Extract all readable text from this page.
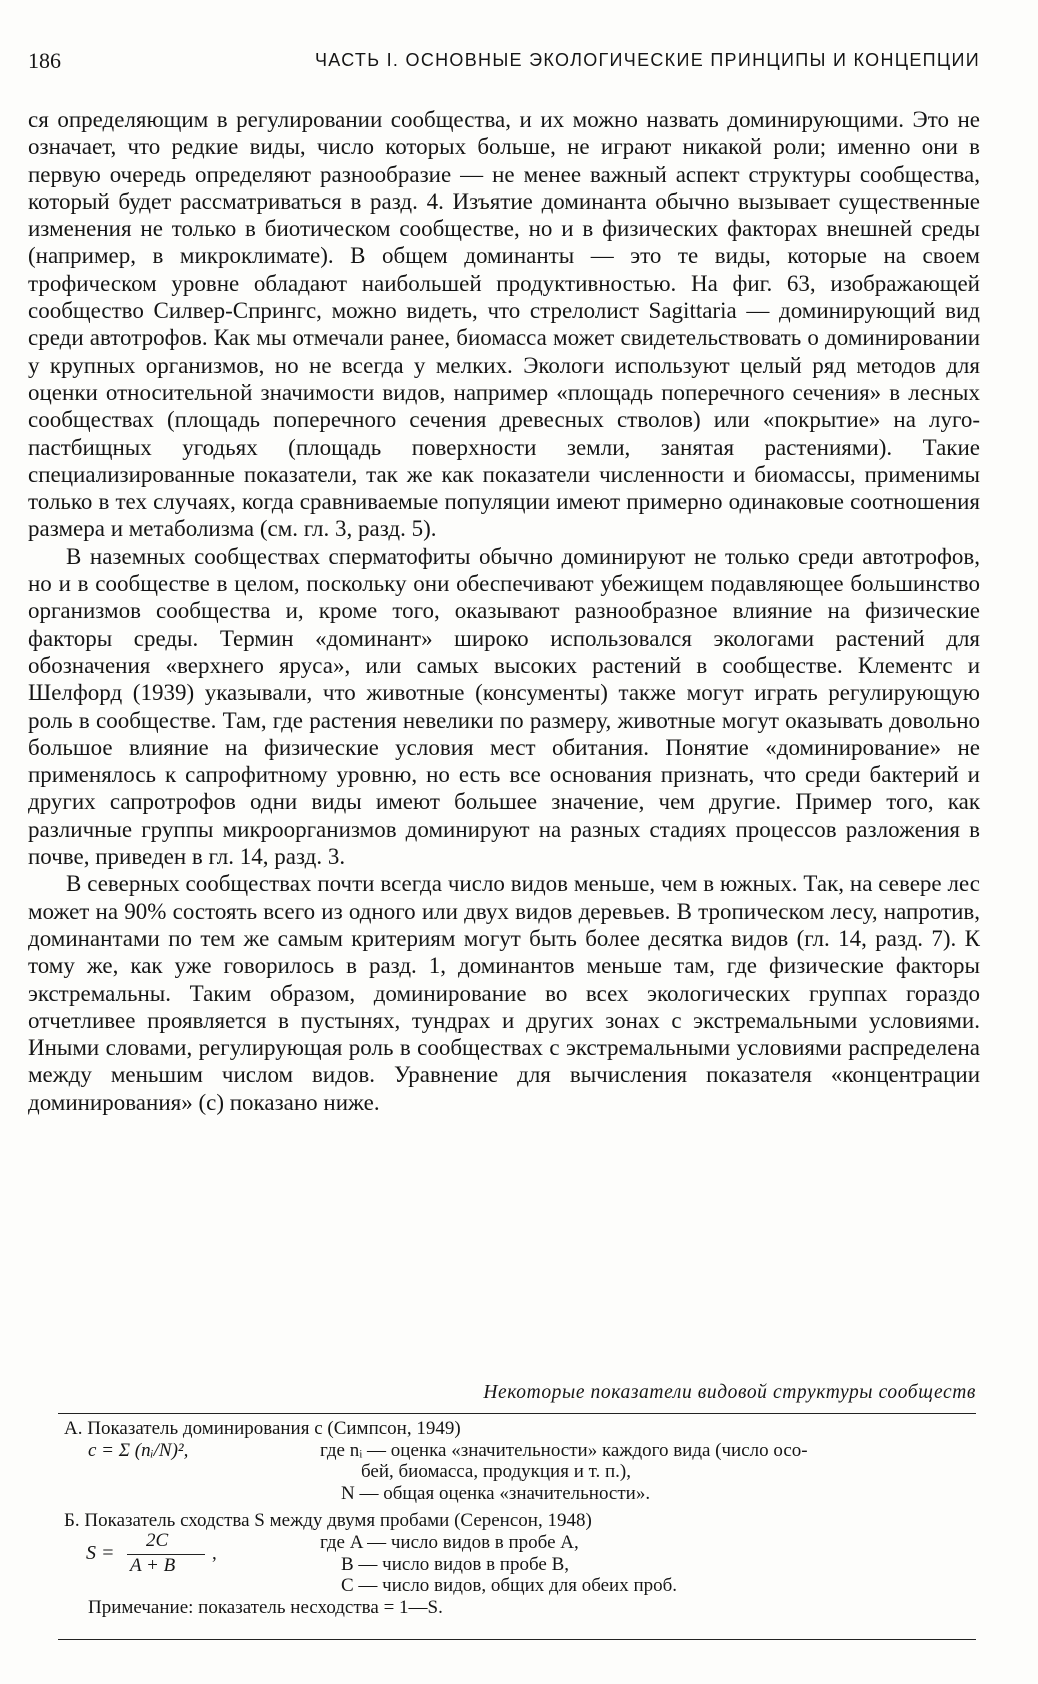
186	ЧАСТЬ I. ОСНОВНЫЕ ЭКОЛОГИЧЕСКИЕ ПРИНЦИПЫ И КОНЦЕПЦИИ

ся определяющим в регулировании сообщества, и их можно назвать доминирующими. Это не означает, что редкие виды, число которых больше, не играют никакой роли; именно они в первую очередь определяют разнообразие — не менее важный аспект структуры сообщества, который будет рассматриваться в разд. 4. Изъятие доминанта обычно вызывает существенные изменения не только в биотическом сообществе, но и в физических факторах внешней среды (например, в микроклимате). В общем доминанты — это те виды, которые на своем трофическом уровне обладают наибольшей продуктивностью. На фиг. 63, изображающей сообщество Силвер-Спрингс, можно видеть, что стрелолист Sagittaria — доминирующий вид среди автотрофов. Как мы отмечали ранее, биомасса может свидетельствовать о доминировании у крупных организмов, но не всегда у мелких. Экологи используют целый ряд методов для оценки относительной значимости видов, например «площадь поперечного сечения» в лесных сообществах (площадь поперечного сечения древесных стволов) или «покрытие» на луго-пастбищных угодьях (площадь поверхности земли, занятая растениями). Такие специализированные показатели, так же как показатели численности и биомассы, применимы только в тех случаях, когда сравниваемые популяции имеют примерно одинаковые соотношения размера и метаболизма (см. гл. 3, разд. 5).

В наземных сообществах сперматофиты обычно доминируют не только среди автотрофов, но и в сообществе в целом, поскольку они обеспечивают убежищем подавляющее большинство организмов сообщества и, кроме того, оказывают разнообразное влияние на физические факторы среды. Термин «доминант» широко использовался экологами растений для обозначения «верхнего яруса», или самых высоких растений в сообществе. Клементс и Шелфорд (1939) указывали, что животные (консументы) также могут играть регулирующую роль в сообществе. Там, где растения невелики по размеру, животные могут оказывать довольно большое влияние на физические условия мест обитания. Понятие «доминирование» не применялось к сапрофитному уровню, но есть все основания признать, что среди бактерий и других сапротрофов одни виды имеют большее значение, чем другие. Пример того, как различные группы микроорганизмов доминируют на разных стадиях процессов разложения в почве, приведен в гл. 14, разд. 3.

В северных сообществах почти всегда число видов меньше, чем в южных. Так, на севере лес может на 90% состоять всего из одного или двух видов деревьев. В тропическом лесу, напротив, доминантами по тем же самым критериям могут быть более десятка видов (гл. 14, разд. 7). К тому же, как уже говорилось в разд. 1, доминантов меньше там, где физические факторы экстремальны. Таким образом, доминирование во всех экологических группах гораздо отчетливее проявляется в пустынях, тундрах и других зонах с экстремальными условиями. Иными словами, регулирующая роль в сообществах с экстремальными условиями распределена между меньшим числом видов. Уравнение для вычисления показателя «концентрации доминирования» (c) показано ниже.

Некоторые показатели видовой структуры сообществ
А. Показатель доминирования c (Симпсон, 1949)
c = Σ (nᵢ/N)²,	где nᵢ — оценка «значительности» каждого вида (число осо-
бей, биомасса, продукция и т. п.),
N — общая оценка «значительности».
Б. Показатель сходства S между двумя пробами (Серенсон, 1948)
S =
2C
A + B
,
где A — число видов в пробе A,
B — число видов в пробе B,
C — число видов, общих для обеих проб.
Примечание: показатель несходства = 1—S.
